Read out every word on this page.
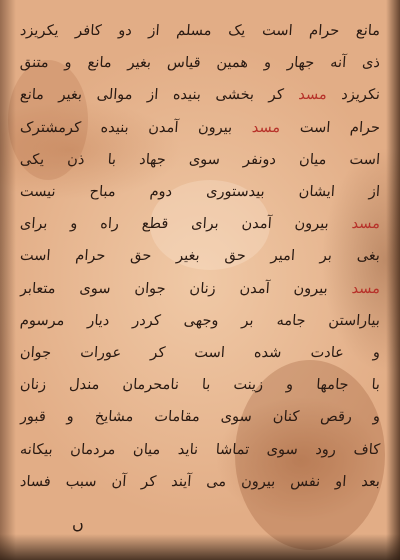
مانع حرام است یک مسلم از دو کافر یکریزد
ذی آنه جهار و همین قیاس بغیر مانع و متنق
نکریزد مسد کر بخشی بنیده از موالی بغیر مانع
حرام است مسد بیرون آمدن بنیده کرمشترک
است میان دونفر سوی جهاد با ذن یکی
از ایشان بیدستوری دوم مباح نیست
مسد بیرون آمدن برای قطع راه و برای
بغی بر امیر حق بغیر حق حرام است
مسد بیرون آمدن زنان جوان سوی متعابر
بیاراستن جامه بر وجهی کردر دیار مرسوم
و عادت شده است کر عورات جوان
با جامها و زینت با نامحرمان مندل زنان
و رقص کنان سوی مقامات مشایخ و قبور
کاف رود سوی تماشا ناید میان مردمان بیکانه
بعد او نفس بیرون می آیند کر آن سبب فساد
ں
